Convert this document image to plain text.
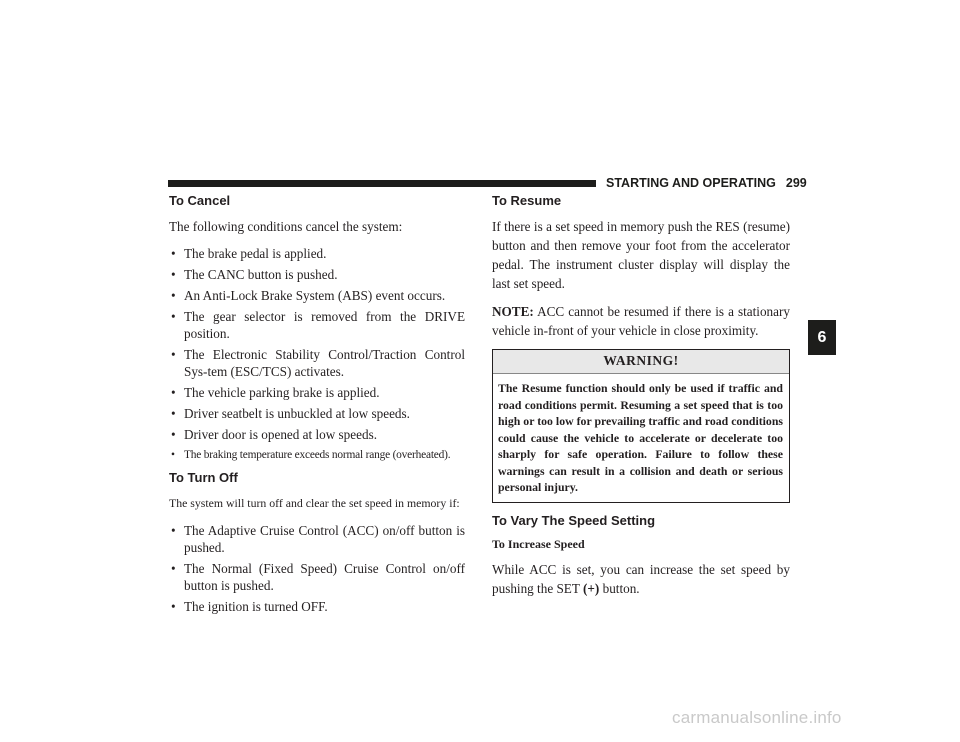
STARTING AND OPERATING 299
6
To Cancel

The following conditions cancel the system:

• The brake pedal is applied.
• The CANC button is pushed.
• An Anti-Lock Brake System (ABS) event occurs.
• The gear selector is removed from the DRIVE position.
• The Electronic Stability Control/Traction Control Sys-tem (ESC/TCS) activates.
• The vehicle parking brake is applied.
• Driver seatbelt is unbuckled at low speeds.
• Driver door is opened at low speeds.
• The braking temperature exceeds normal range (overheated).
To Turn Off

The system will turn off and clear the set speed in memory if:

• The Adaptive Cruise Control (ACC) on/off button is pushed.
• The Normal (Fixed Speed) Cruise Control on/off button is pushed.
• The ignition is turned OFF.
To Resume

If there is a set speed in memory push the RES (resume) button and then remove your foot from the accelerator pedal. The instrument cluster display will display the last set speed.

NOTE: ACC cannot be resumed if there is a stationary vehicle in-front of your vehicle in close proximity.

WARNING!
The Resume function should only be used if traffic and road conditions permit. Resuming a set speed that is too high or too low for prevailing traffic and road conditions could cause the vehicle to accelerate or decelerate too sharply for safe operation. Failure to follow these warnings can result in a collision and death or serious personal injury.
To Vary The Speed Setting
To Increase Speed

While ACC is set, you can increase the set speed by pushing the SET (+) button.

carmanualsonline.info
